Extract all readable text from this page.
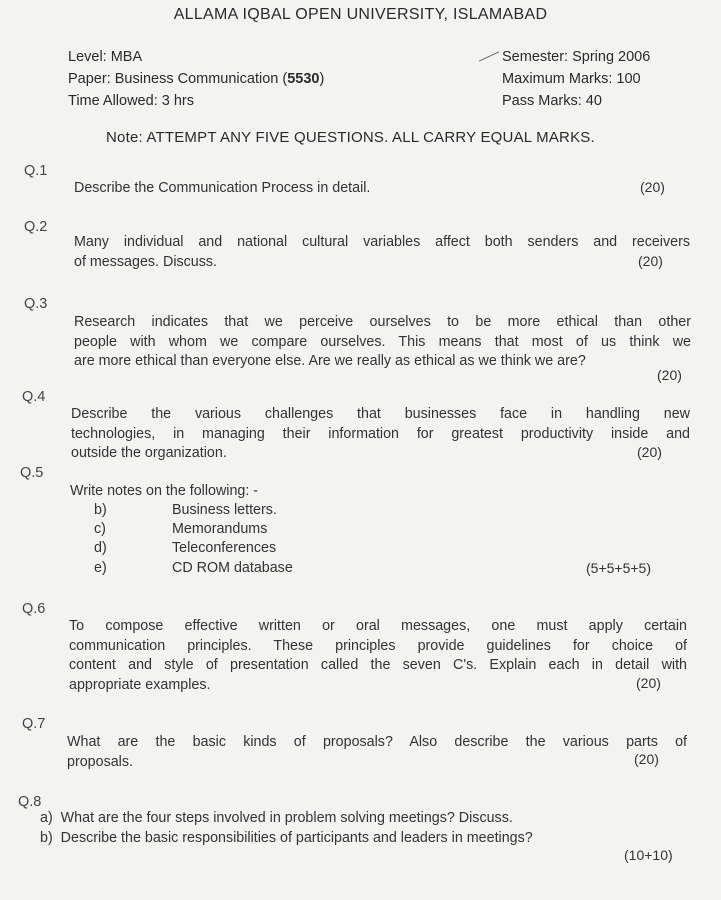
ALLAMA IQBAL OPEN UNIVERSITY, ISLAMABAD
Level: MBA
Paper: Business Communication (5530)
Time Allowed: 3 hrs
Semester: Spring 2006
Maximum Marks: 100
Pass Marks: 40
Note: ATTEMPT ANY FIVE QUESTIONS. ALL CARRY EQUAL MARKS.
Q.1
Describe the Communication Process in detail.	(20)
Q.2
Many individual and national cultural variables affect both senders and receivers
of messages. Discuss.	(20)
Q.3
Research indicates that we perceive ourselves to be more ethical than other
people with whom we compare ourselves. This means that most of us think we
are more ethical than everyone else. Are we really as ethical as we think we are?
(20)
Q.4
Describe the various challenges that businesses face in handling new
technologies, in managing their information for greatest productivity inside and
outside the organization.	(20)
Q.5
Write notes on the following: -
b)	Business letters.
c)	Memorandums
d)	Teleconferences
e)	CD ROM database	(5+5+5+5)
Q.6
To compose effective written or oral messages, one must apply certain
communication principles. These principles provide guidelines for choice of
content and style of presentation called the seven C's. Explain each in detail with
appropriate examples.	(20)
Q.7
What are the basic kinds of proposals? Also describe the various parts of
proposals.	(20)
Q.8
a) What are the four steps involved in problem solving meetings? Discuss.
b) Describe the basic responsibilities of participants and leaders in meetings?
(10+10)
